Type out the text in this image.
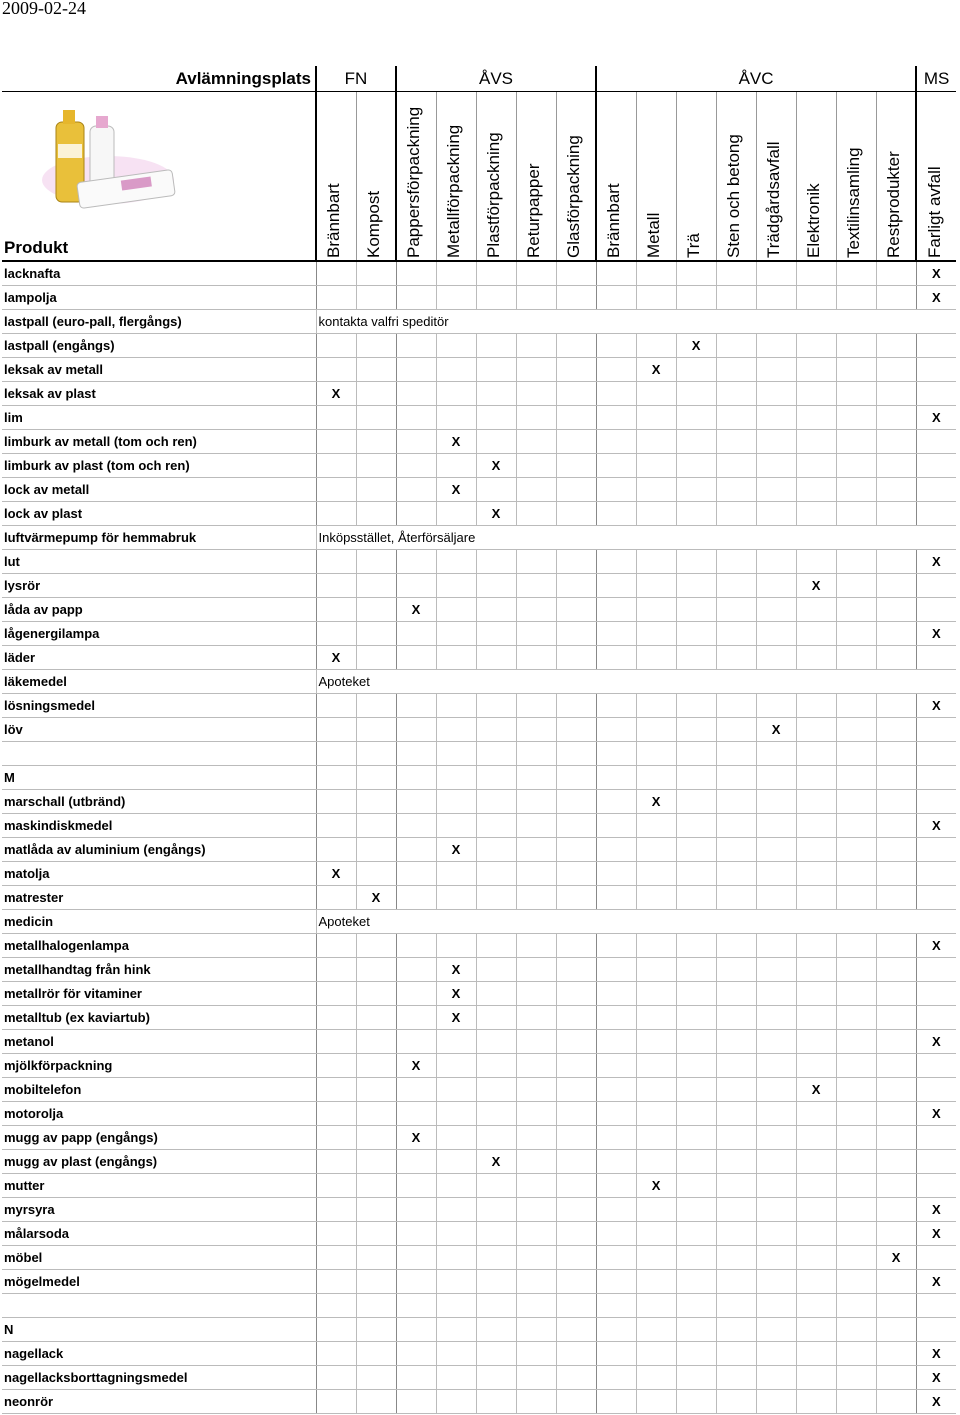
2009-02-24
Avlämningsplats	FN		ÅVS					ÅVC								MS

Produkt	Brännbart	Kompost	Pappersförpackning	Metallförpackning	Plastförpackning	Returpapper	Glasförpackning	Brännbart	Metall	Trä	Sten och betong	Trädgårdsavfall	Elektronik	Textilinsamling	Restprodukter	Farligt avfall

lacknafta																X
lampolja																X
lastpall (euro-pall, flergångs)	kontakta valfri speditör															
lastpall (engångs)										X						
leksak av metall									X							
leksak av plast	X															
lim																X
limburk av metall (tom och ren)				X												
limburk av plast (tom och ren)					X											
lock av metall				X												
lock av plast					X											
luftvärmepump för hemmabruk	Inköpsstället, Återförsäljare															
lut																X
lysrör													X			
låda av papp			X													
lågenergilampa																X
läder	X															
läkemedel	Apoteket															
lösningsmedel																X
löv												X				

M																
marschall (utbränd)									X							
maskindiskmedel																X
matlåda av aluminium (engångs)				X												
matolja	X															
matrester		X														
medicin	Apoteket															
metallhalogenlampa																X
metallhandtag från hink				X												
metallrör för vitaminer				X												
metalltub (ex kaviartub)				X												
metanol																X
mjölkförpackning			X													
mobiltelefon													X			
motorolja																X
mugg av papp (engångs)			X													
mugg av plast (engångs)					X											
mutter									X							
myrsyra																X
målarsoda																X
möbel															X	
mögelmedel																X

N																
nagellack																X
nagellacksborttagningsmedel																X
neonrör																X
